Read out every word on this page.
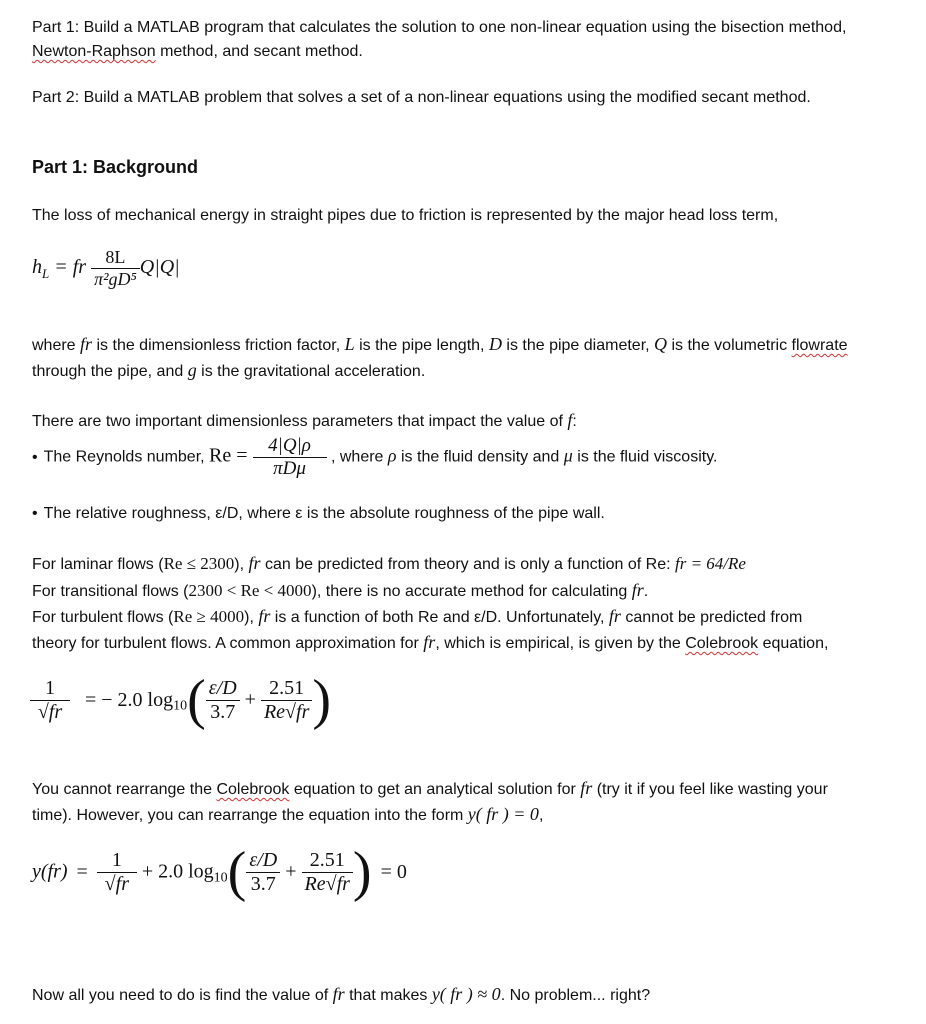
Part 1: Build a MATLAB program that calculates the solution to one non-linear equation using the bisection method,
Newton-Raphson method, and secant method.
Part 2: Build a MATLAB problem that solves a set of a non-linear equations using the modified secant method.
Part 1: Background
The loss of mechanical energy in straight pipes due to friction is represented by the major head loss term,
$h_L$ = fr $\frac{8L}{\text{π²gD⁵}} Q|Q|$
where fr is the dimensionless friction factor, L is the pipe length, D is the pipe diameter, Q is the volumetric flowrate
through the pipe, and g is the gravitational acceleration.
There are two important dimensionless parameters that impact the value of f:
• The Reynolds number, $Re = \frac{4|Q|\rho}{\text{πDμ}}$ , where ρ is the fluid density and μ is the fluid viscosity.
• The relative roughness, ε/D, where ε is the absolute roughness of the pipe wall.
For laminar flows (Re ≤ 2300), fr can be predicted from theory and is only a function of Re: fr = 64/Re
For transitional flows (2300 < Re < 4000), there is no accurate method for calculating fr.
For turbulent flows (Re ≥ 4000), fr is a function of both Re and ε/D. Unfortunately, fr cannot be predicted from
theory for turbulent flows. A common approximation for fr, which is empirical, is given by the Colebrook equation,
$\frac{1}{√fr}$ = − 2.0 $\log_{10}( \frac{\varepsilon/D}{3.7} + \frac{2.51}{Re√fr}$ )
You cannot rearrange the Colebrook equation to get an analytical solution for fr (try it if you feel like wasting your
time). However, you can rearrange the equation into the form y( fr ) = 0,
$y(fr) = \frac{1}{√fr} + 2.0$ $\log_{10}( \frac{\varepsilon/D}{3.7} + \frac{2.51}{Re√fr}$ ) = 0
Now all you need to do is find the value of fr that makes y( fr ) ≈ 0. No problem... right?
